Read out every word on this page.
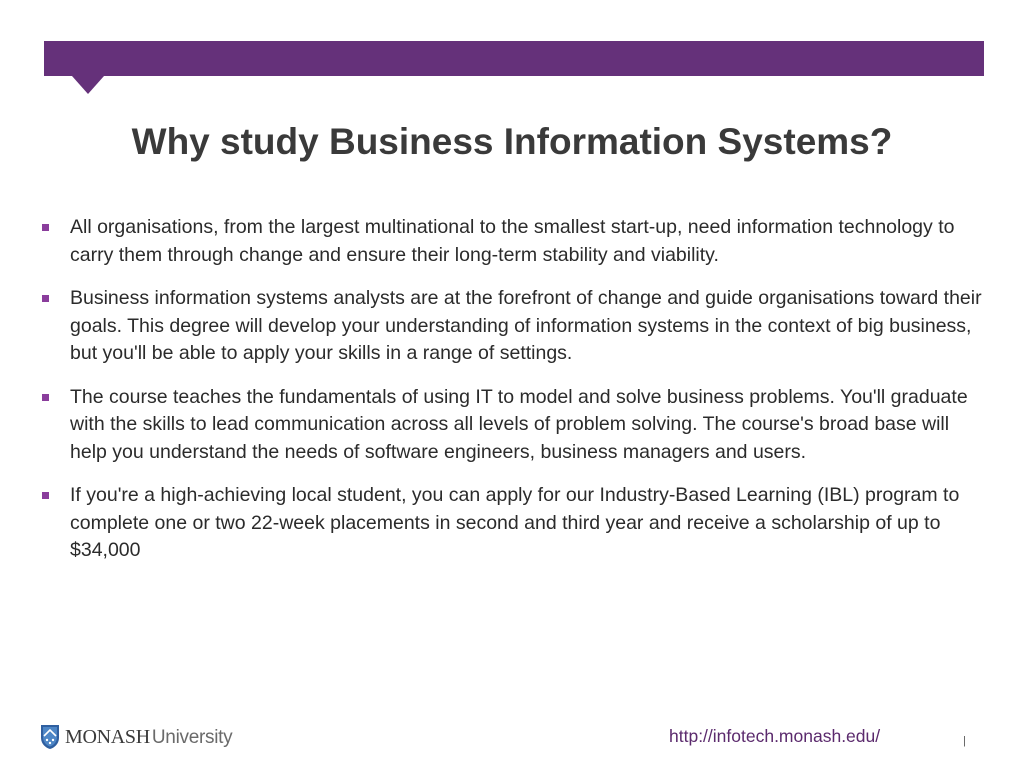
Why study Business Information Systems?
All organisations, from the largest multinational to the smallest start-up, need information technology to carry them through change and ensure their long-term stability and viability.
Business information systems analysts are at the forefront of change and guide organisations toward their goals. This degree will develop your understanding of information systems in the context of big business, but you'll be able to apply your skills in a range of settings.
The course teaches the fundamentals of using IT to model and solve business problems. You'll graduate with the skills to lead communication across all levels of problem solving. The course's broad base will help you understand the needs of software engineers, business managers and users.
If you're a high-achieving local student, you can apply for our Industry-Based Learning (IBL) program to complete one or two 22-week placements in second and third year and receive a scholarship of up to $34,000
MONASH University	http://infotech.monash.edu/	|
